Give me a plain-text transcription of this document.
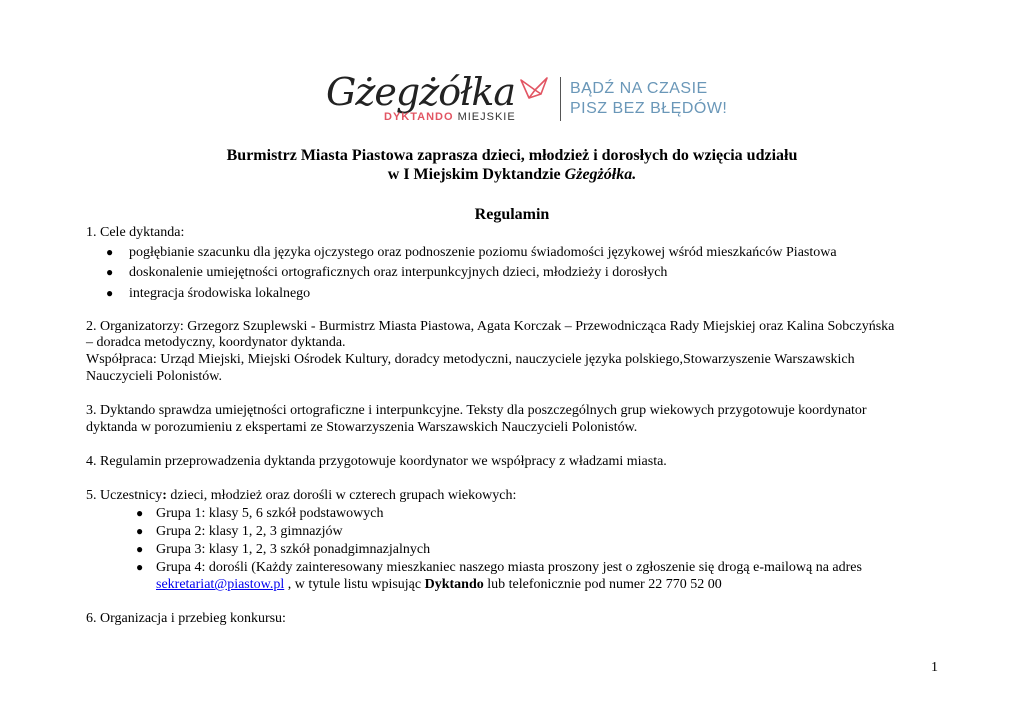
Gżegżółka
DYKTANDO MIEJSKIE
BĄDŹ NA CZASIE
PISZ BEZ BŁĘDÓW!
Burmistrz Miasta Piastowa zaprasza dzieci, młodzież i dorosłych do wzięcia udziału
w I Miejskim Dyktandzie Gżegżółka.
Regulamin
1. Cele dyktanda:
● pogłębianie szacunku dla języka ojczystego oraz podnoszenie poziomu świadomości językowej wśród mieszkańców Piastowa
● doskonalenie umiejętności ortograficznych oraz interpunkcyjnych dzieci, młodzieży i dorosłych
● integracja środowiska lokalnego
2. Organizatorzy: Grzegorz Szuplewski - Burmistrz Miasta Piastowa, Agata Korczak – Przewodnicząca Rady Miejskiej oraz Kalina Sobczyńska
– doradca metodyczny, koordynator dyktanda.
Współpraca: Urząd Miejski, Miejski Ośrodek Kultury, doradcy metodyczni, nauczyciele języka polskiego,Stowarzyszenie Warszawskich
Nauczycieli Polonistów.
3. Dyktando sprawdza umiejętności ortograficzne i interpunkcyjne. Teksty dla poszczególnych grup wiekowych przygotowuje koordynator
dyktanda w porozumieniu z ekspertami ze Stowarzyszenia Warszawskich Nauczycieli Polonistów.
4. Regulamin przeprowadzenia dyktanda przygotowuje koordynator we współpracy z władzami miasta.
5. Uczestnicy: dzieci, młodzież oraz dorośli w czterech grupach wiekowych:
● Grupa 1: klasy 5, 6 szkół podstawowych
● Grupa 2: klasy 1, 2, 3 gimnazjów
● Grupa 3: klasy 1, 2, 3 szkół ponadgimnazjalnych
● Grupa 4: dorośli (Każdy zainteresowany mieszkaniec naszego miasta proszony jest o zgłoszenie się drogą e-mailową na adres
sekretariat@piastow.pl , w tytule listu wpisując Dyktando lub telefonicznie pod numer 22 770 52 00
6. Organizacja i przebieg konkursu:
1
